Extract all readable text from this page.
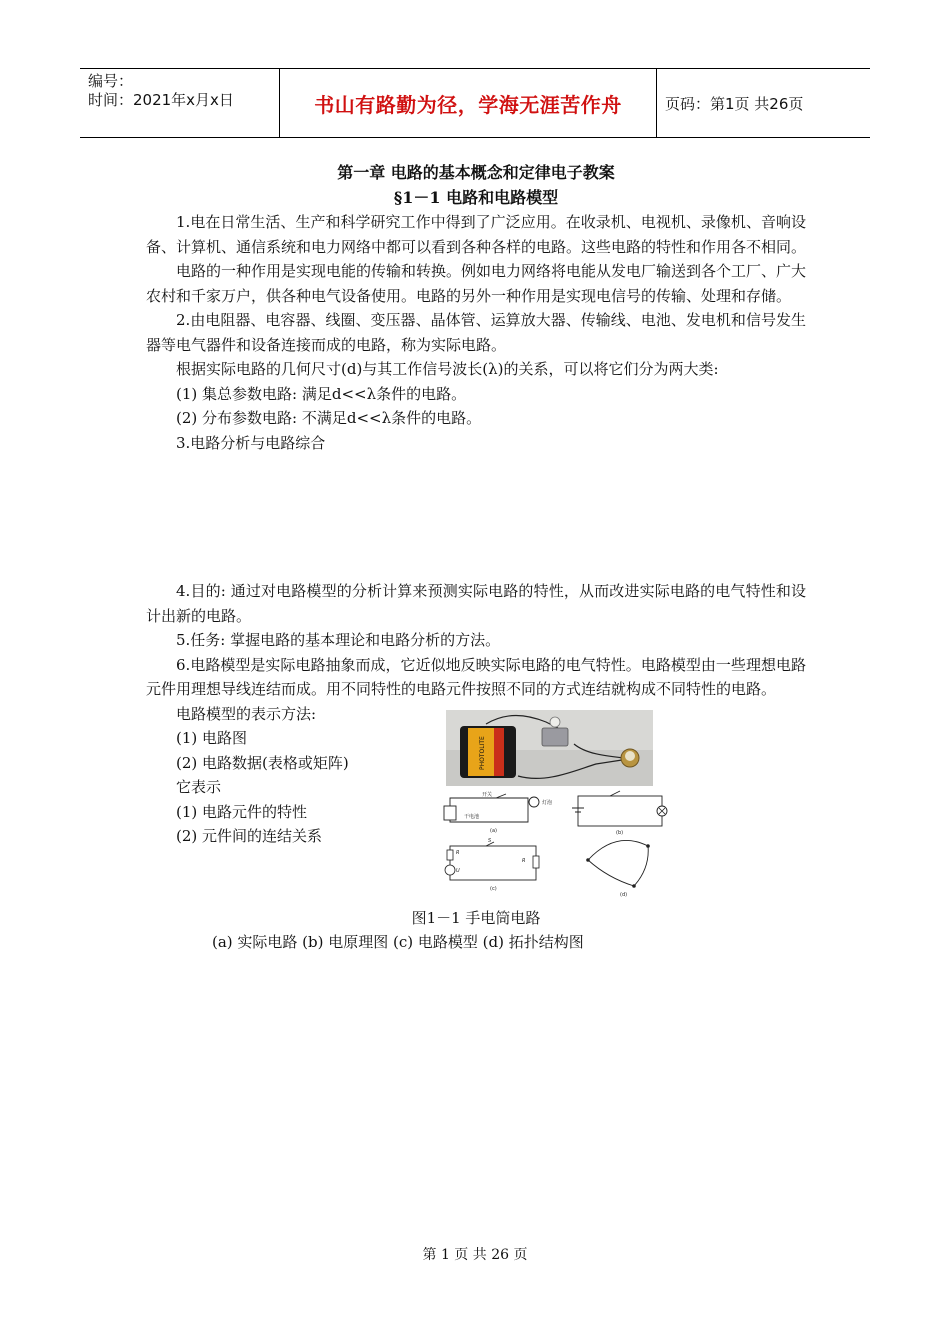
编号：
时间：2021年x月x日	书山有路勤为径，学海无涯苦作舟	页码：第1页 共26页
第一章 电路的基本概念和定律电子教案
§1－1 电路和电路模型

1.电在日常生活、生产和科学研究工作中得到了广泛应用。在收录机、电视机、录像机、音响设备、计算机、通信系统和电力网络中都可以看到各种各样的电路。这些电路的特性和作用各不相同。

电路的一种作用是实现电能的传输和转换。例如电力网络将电能从发电厂输送到各个工厂、广大农村和千家万户，供各种电气设备使用。电路的另外一种作用是实现电信号的传输、处理和存储。

2.由电阻器、电容器、线圈、变压器、晶体管、运算放大器、传输线、电池、发电机和信号发生器等电气器件和设备连接而成的电路，称为实际电路。

根据实际电路的几何尺寸(d)与其工作信号波长(λ)的关系，可以将它们分为两大类:

(1) 集总参数电路: 满足d<<λ条件的电路。

(2) 分布参数电路: 不满足d<<λ条件的电路。

3.电路分析与电路综合

4.目的: 通过对电路模型的分析计算来预测实际电路的特性，从而改进实际电路的电气特性和设计出新的电路。

5.任务: 掌握电路的基本理论和电路分析的方法。

6.电路模型是实际电路抽象而成，它近似地反映实际电路的电气特性。电路模型由一些理想电路元件用理想导线连结而成。用不同特性的电路元件按照不同的方式连结就构成不同特性的电路。

电路模型的表示方法:
(1) 电路图
(2) 电路数据(表格或矩阵)
它表示
(1) 电路元件的特性
(2) 元件间的连结关系
PHOTOLITE
开关
灯泡
干电池
(a)	(b)
R
S
U
R
(c)
(d)
图1－1 手电筒电路
(a) 实际电路 (b) 电原理图 (c) 电路模型 (d) 拓扑结构图
第 1 页 共 26 页
